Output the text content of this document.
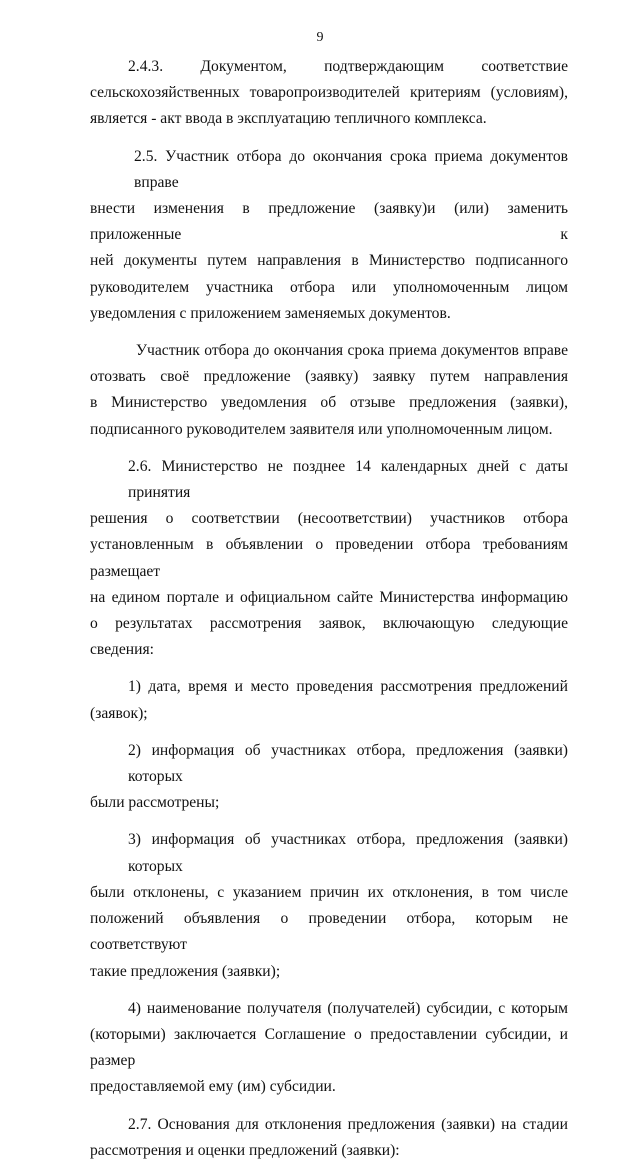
9

2.4.3. Документом, подтверждающим соответствие

сельскохозяйственных товаропроизводителей критериям (условиям),

является - акт ввода в эксплуатацию тепличного комплекса.

2.5. Участник отбора до окончания срока приема документов вправе

внести изменения в предложение (заявку)и (или) заменить приложенные к

ней документы путем направления в Министерство подписанного

руководителем участника отбора или уполномоченным лицом

уведомления с приложением заменяемых документов.

Участник отбора до окончания срока приема документов вправе

отозвать своё предложение (заявку) заявку путем направления

в Министерство уведомления об отзыве предложения (заявки),

подписанного руководителем заявителя или уполномоченным лицом.

2.6. Министерство не позднее 14 календарных дней с даты принятия

решения о соответствии (несоответствии) участников отбора

установленным в объявлении о проведении отбора требованиям размещает

на едином портале и официальном сайте Министерства информацию

о результатах рассмотрения заявок, включающую следующие сведения:

1) дата, время и место проведения рассмотрения предложений

(заявок);

2) информация об участниках отбора, предложения (заявки) которых

были рассмотрены;

3) информация об участниках отбора, предложения (заявки) которых

были отклонены, с указанием причин их отклонения, в том числе

положений объявления о проведении отбора, которым не соответствуют

такие предложения (заявки);

4) наименование получателя (получателей) субсидии, с которым

(которыми) заключается Соглашение о предоставлении субсидии, и размер

предоставляемой ему (им) субсидии.

2.7. Основания для отклонения предложения (заявки) на стадии

рассмотрения и оценки предложений (заявки):
